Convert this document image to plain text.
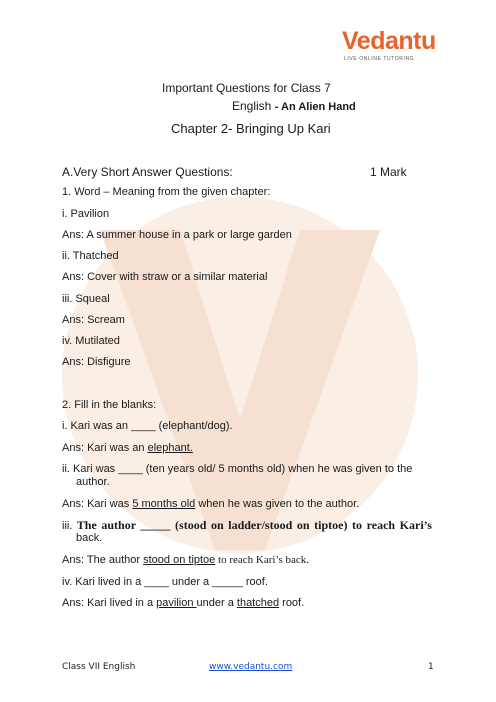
Vedantu
LIVE ONLINE TUTORING
Important Questions for Class 7
English - An Alien Hand
Chapter 2- Bringing Up Kari
A.Very Short Answer Questions:	1 Mark
1. Word – Meaning from the given chapter:
i. Pavilion
Ans: A summer house in a park or large garden
ii. Thatched
Ans: Cover with straw or a similar material
iii. Squeal
Ans: Scream
iv. Mutilated
Ans: Disfigure
2. Fill in the blanks:
i. Kari was an ____ (elephant/dog).
Ans: Kari was an elephant.
ii. Kari was ____ (ten years old/ 5 months old) when he was given to the
author.
Ans: Kari was 5 months old when he was given to the author.
iii. The author _____ (stood on ladder/stood on tiptoe) to reach Kari’s
back.
Ans: The author stood on tiptoe to reach Kari’s back.
iv. Kari lived in a ____ under a _____ roof.
Ans: Kari lived in a pavilion under a thatched roof.
Class VII English	www.vedantu.com	1
